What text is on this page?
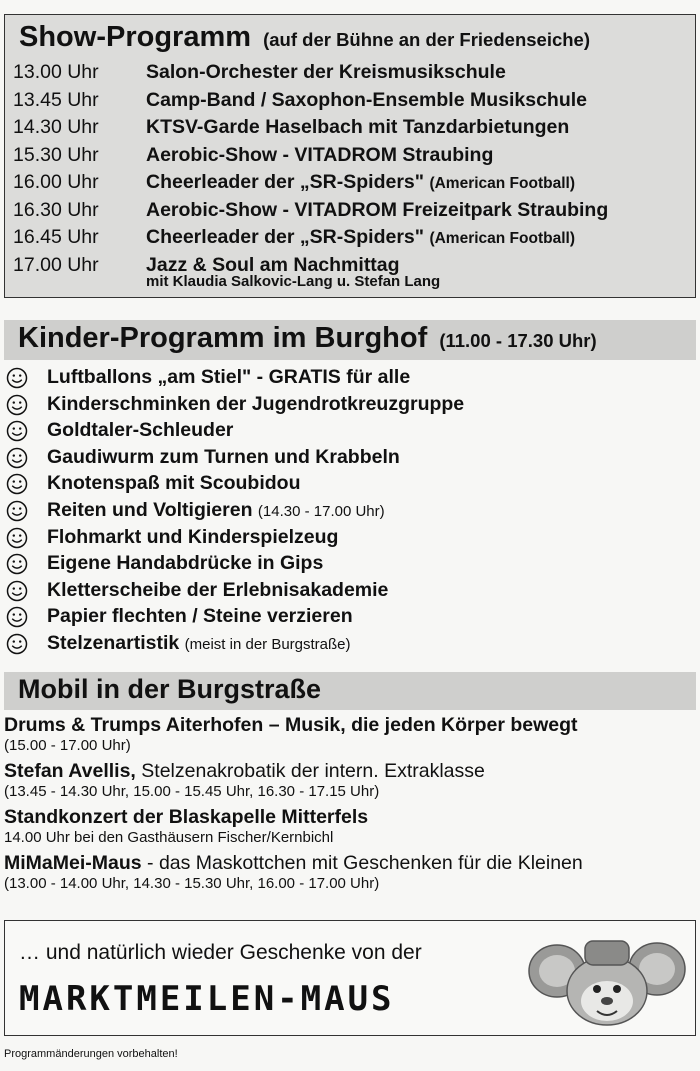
Show-Programm (auf der Bühne an der Friedenseiche)
13.00 Uhr Salon-Orchester der Kreismusikschule
13.45 Uhr Camp-Band / Saxophon-Ensemble Musikschule
14.30 Uhr KTSV-Garde Haselbach mit Tanzdarbietungen
15.30 Uhr Aerobic-Show - VITADROM Straubing
16.00 Uhr Cheerleader der „SR-Spiders" (American Football)
16.30 Uhr Aerobic-Show - VITADROM Freizeitpark Straubing
16.45 Uhr Cheerleader der „SR-Spiders" (American Football)
17.00 Uhr Jazz & Soul am Nachmittag
mit Klaudia Salkovic-Lang u. Stefan Lang
Kinder-Programm im Burghof (11.00 - 17.30 Uhr)
Luftballons „am Stiel" - GRATIS für alle
Kinderschminken der Jugendrotkreuzgruppe
Goldtaler-Schleuder
Gaudiwurm zum Turnen und Krabbeln
Knotenspaß mit Scoubidou
Reiten und Voltigieren (14.30 - 17.00 Uhr)
Flohmarkt und Kinderspielzeug
Eigene Handabdrücke in Gips
Kletterscheibe der Erlebnisakademie
Papier flechten / Steine verzieren
Stelzenartistik (meist in der Burgstraße)
Mobil in der Burgstraße
Drums & Trumps Aiterhofen – Musik, die jeden Körper bewegt
(15.00 - 17.00 Uhr)
Stefan Avellis, Stelzenakrobatik der intern. Extraklasse
(13.45 - 14.30 Uhr, 15.00 - 15.45 Uhr, 16.30 - 17.15 Uhr)
Standkonzert der Blaskapelle Mitterfels
14.00 Uhr bei den Gasthäusern Fischer/Kernbichl
MiMaMei-Maus - das Maskottchen mit Geschenken für die Kleinen
(13.00 - 14.00 Uhr, 14.30 - 15.30 Uhr, 16.00 - 17.00 Uhr)
… und natürlich wieder Geschenke von der
MARKTMEILEN-MAUS
Programmänderungen vorbehalten!
